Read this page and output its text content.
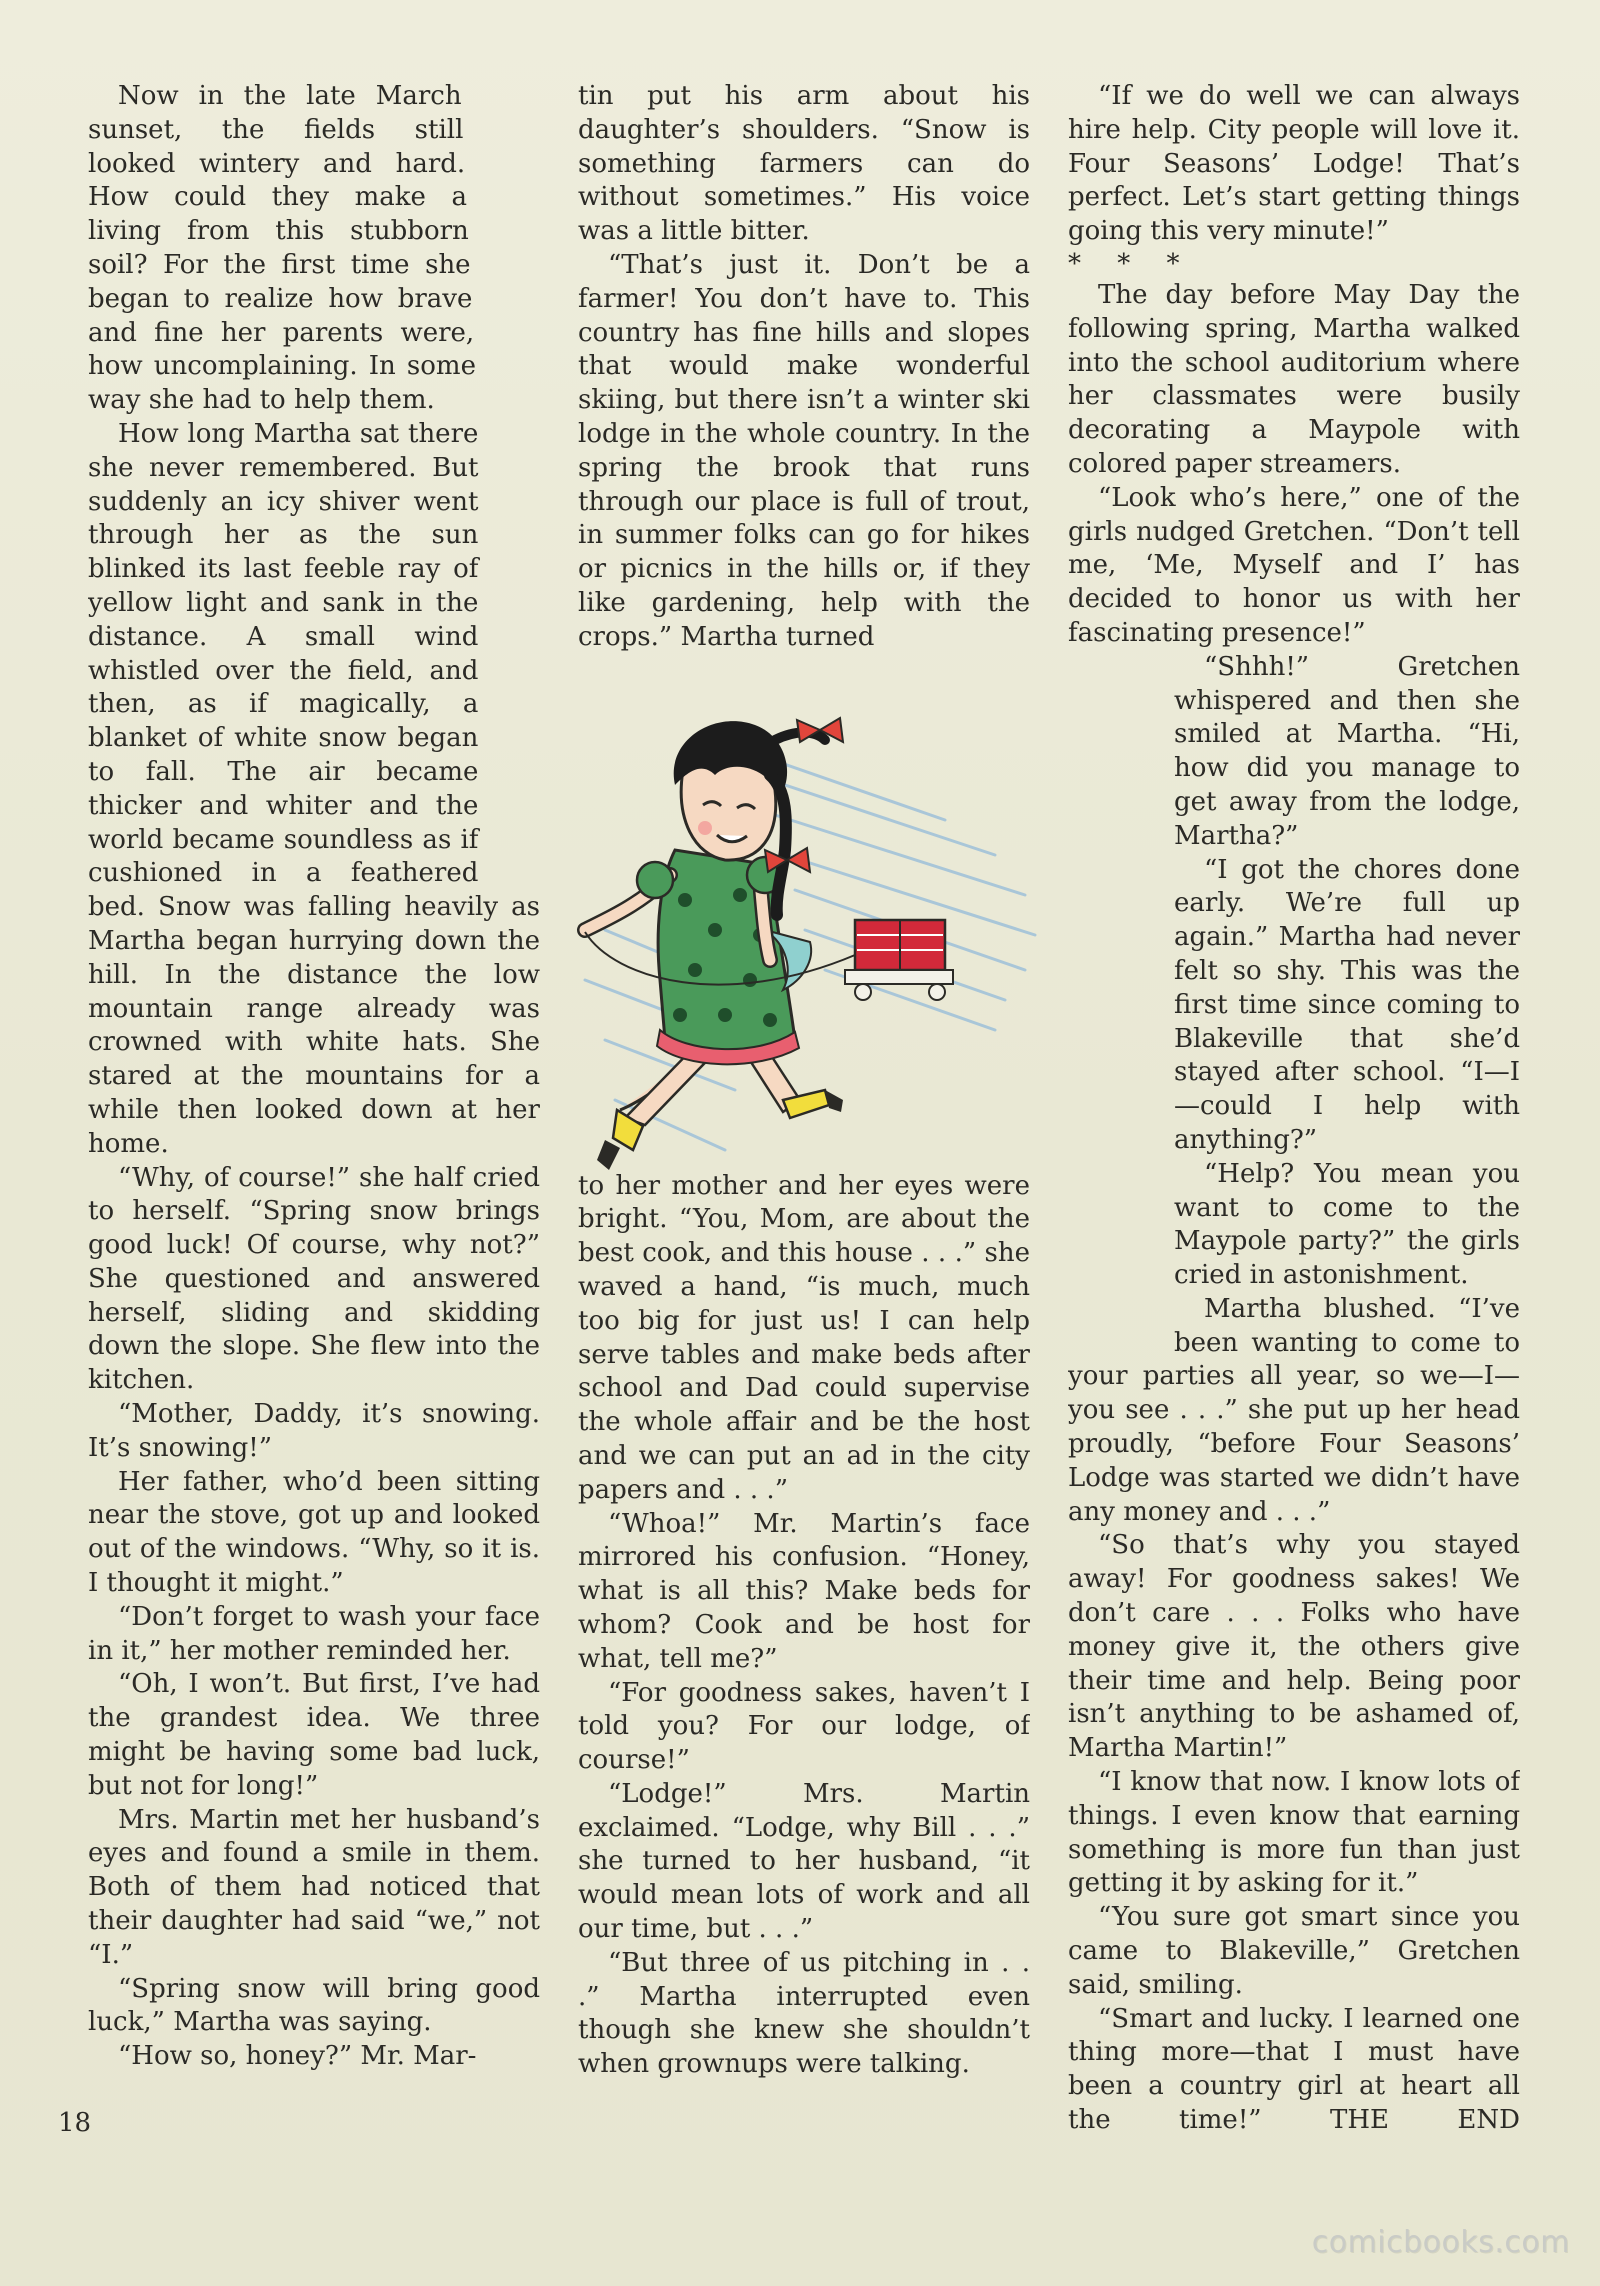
Now in the late March sunset, the fields still looked wintery and hard. How could they make a living from this stubborn soil? For the first time she began to realize how brave and fine her parents were, how uncomplaining. In some way she had to help them.

How long Martha sat there she never remembered. But suddenly an icy shiver went through her as the sun blinked its last feeble ray of yellow light and sank in the distance. A small wind whistled over the field, and then, as if magically, a blanket of white snow began to fall. The air became thicker and whiter and the world became soundless as if cushioned in a feathered bed. Snow was falling heavily as Martha began hurrying down the hill. In the distance the low mountain range already was crowned with white hats. She stared at the mountains for a while then looked down at her home.

“Why, of course!” she half cried to herself. “Spring snow brings good luck! Of course, why not?” She questioned and answered herself, sliding and skidding down the slope. She flew into the kitchen.

“Mother, Daddy, it’s snowing. It’s snowing!”

Her father, who’d been sitting near the stove, got up and looked out of the windows. “Why, so it is. I thought it might.”

“Don’t forget to wash your face in it,” her mother reminded her.

“Oh, I won’t. But first, I’ve had the grandest idea. We three might be having some bad luck, but not for long!”

Mrs. Martin met her husband’s eyes and found a smile in them. Both of them had noticed that their daughter had said “we,” not “I.”

“Spring snow will bring good luck,” Martha was saying.

“How so, honey?” Mr. Mar-

tin put his arm about his daughter’s shoulders. “Snow is something farmers can do without sometimes.” His voice was a little bitter.

“That’s just it. Don’t be a farmer! You don’t have to. This country has fine hills and slopes that would make wonderful skiing, but there isn’t a winter ski lodge in the whole country. In the spring the brook that runs through our place is full of trout, in summer folks can go for hikes or picnics in the hills or, if they like gardening, help with the crops.” Martha turned

to her mother and her eyes were bright. “You, Mom, are about the best cook, and this house . . .” she waved a hand, “is much, much too big for just us! I can help serve tables and make beds after school and Dad could supervise the whole affair and be the host and we can put an ad in the city papers and . . .”

“Whoa!” Mr. Martin’s face mirrored his confusion. “Honey, what is all this? Make beds for whom? Cook and be host for what, tell me?”

“For goodness sakes, haven’t I told you? For our lodge, of course!”

“Lodge!” Mrs. Martin exclaimed. “Lodge, why Bill . . .” she turned to her husband, “it would mean lots of work and all our time, but . . .”

“But three of us pitching in . . .” Martha interrupted even though she knew she shouldn’t when grownups were talking.

“If we do well we can always hire help. City people will love it. Four Seasons’ Lodge! That’s perfect. Let’s start getting things going this very minute!”

* * *

The day before May Day the following spring, Martha walked into the school auditorium where her classmates were busily decorating a Maypole with colored paper streamers.

“Look who’s here,” one of the girls nudged Gretchen. “Don’t tell me, ‘Me, Myself and I’ has decided to honor us with her fascinating presence!”

“Shhh!” Gretchen whispered and then she smiled at Martha. “Hi, how did you manage to get away from the lodge, Martha?”

“I got the chores done early. We’re full up again.” Martha had never felt so shy. This was the first time since coming to Blakeville that she’d stayed after school. “I—I—could I help with anything?”

“Help? You mean you want to come to the Maypole party?” the girls cried in astonishment.

Martha blushed. “I’ve been wanting to come to your parties all year, so we—I—you see . . .” she put up her head proudly, “before Four Seasons’ Lodge was started we didn’t have any money and . . .”

“So that’s why you stayed away! For goodness sakes! We don’t care . . . Folks who have money give it, the others give their time and help. Being poor isn’t anything to be ashamed of, Martha Martin!”

“I know that now. I know lots of things. I even know that earning something is more fun than just getting it by asking for it.”

“You sure got smart since you came to Blakeville,” Gretchen said, smiling.

“Smart and lucky. I learned one thing more—that I must have been a country girl at heart all the time!” THE END

18
comicbooks.com
